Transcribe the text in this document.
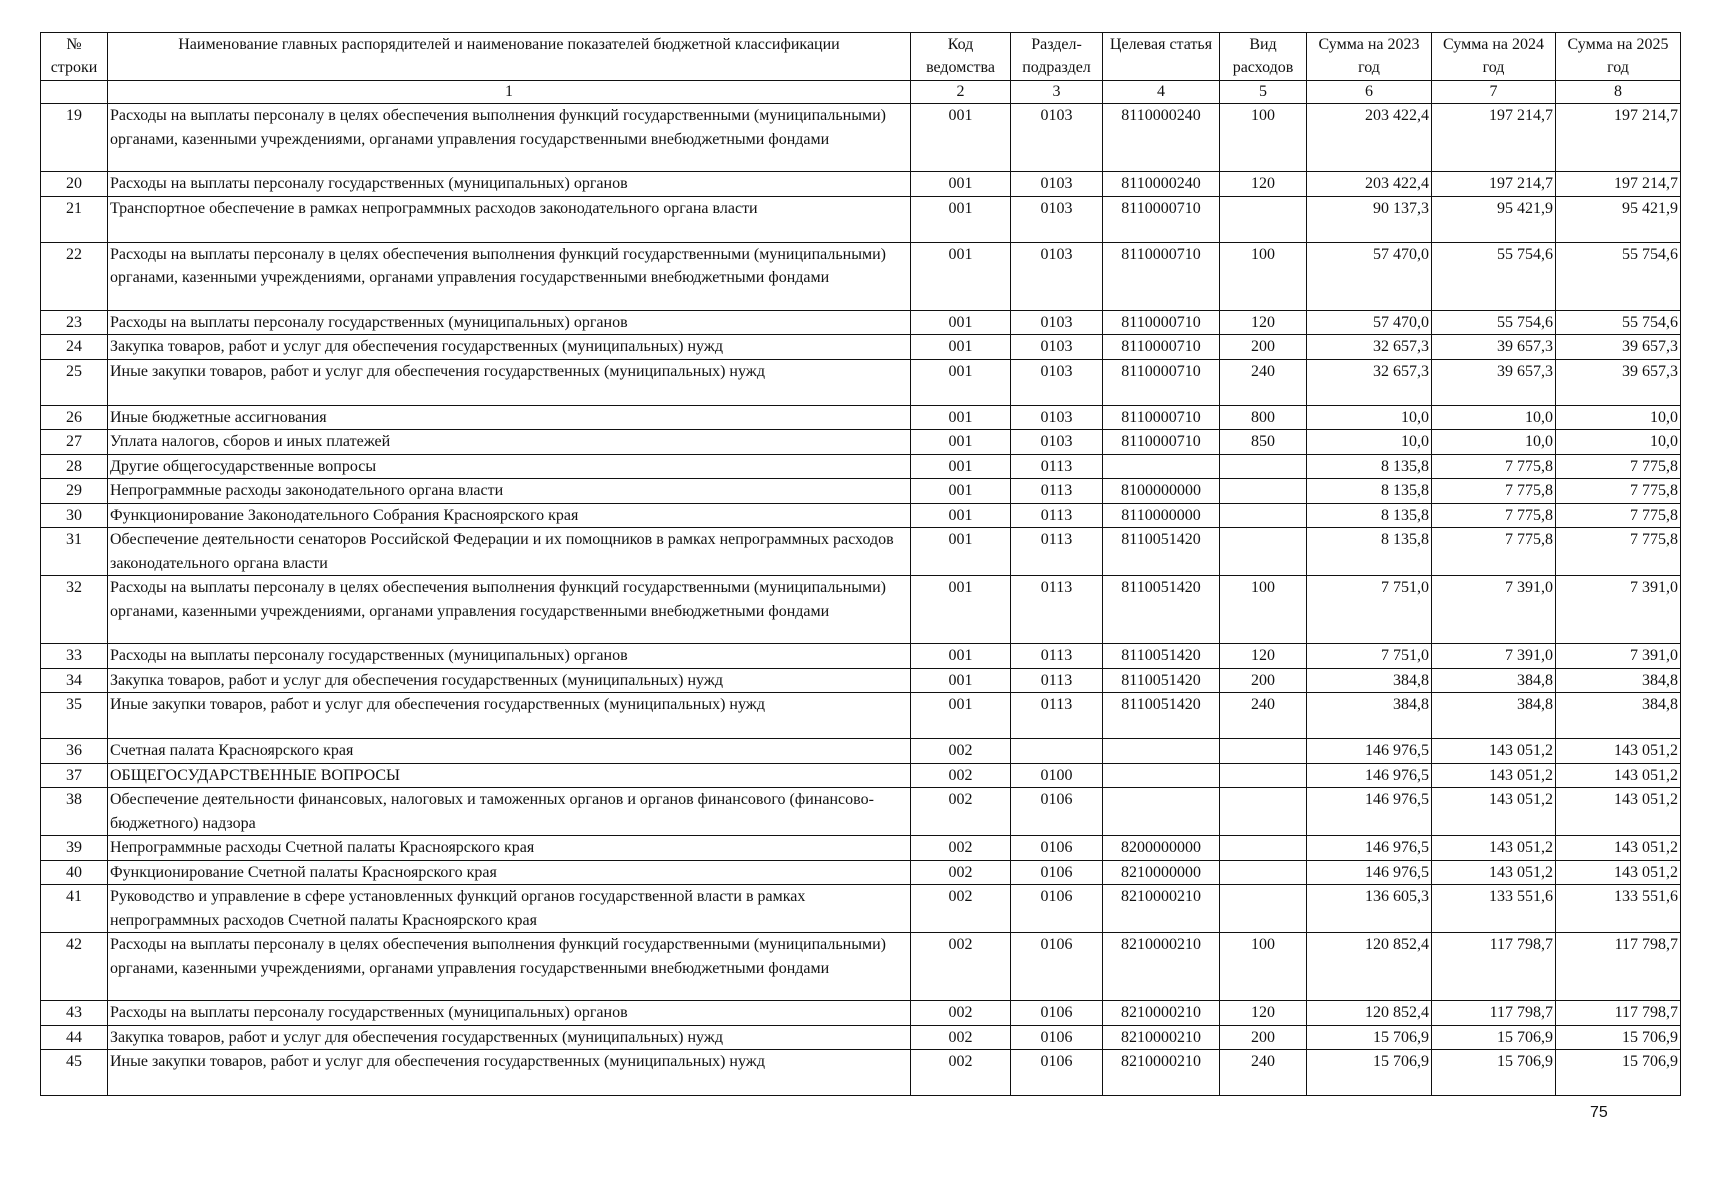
№ строки	Наименование главных распорядителей и наименование показателей бюджетной классификации	Код ведомства	Раздел-подраздел	Целевая статья	Вид расходов	Сумма на 2023 год	Сумма на 2024 год	Сумма на 2025 год
	1	2	3	4	5	6	7	8
19	Расходы на выплаты персоналу в целях обеспечения выполнения функций государственными (муниципальными) органами, казенными учреждениями, органами управления государственными внебюджетными фондами	001	0103	8110000240	100	203 422,4	197 214,7	197 214,7
20	Расходы на выплаты персоналу государственных (муниципальных) органов	001	0103	8110000240	120	203 422,4	197 214,7	197 214,7
21	Транспортное обеспечение в рамках непрограммных расходов законодательного органа власти	001	0103	8110000710		90 137,3	95 421,9	95 421,9
22	Расходы на выплаты персоналу в целях обеспечения выполнения функций государственными (муниципальными) органами, казенными учреждениями, органами управления государственными внебюджетными фондами	001	0103	8110000710	100	57 470,0	55 754,6	55 754,6
23	Расходы на выплаты персоналу государственных (муниципальных) органов	001	0103	8110000710	120	57 470,0	55 754,6	55 754,6
24	Закупка товаров, работ и услуг для обеспечения государственных (муниципальных) нужд	001	0103	8110000710	200	32 657,3	39 657,3	39 657,3
25	Иные закупки товаров, работ и услуг для обеспечения государственных (муниципальных) нужд	001	0103	8110000710	240	32 657,3	39 657,3	39 657,3
26	Иные бюджетные ассигнования	001	0103	8110000710	800	10,0	10,0	10,0
27	Уплата налогов, сборов и иных платежей	001	0103	8110000710	850	10,0	10,0	10,0
28	Другие общегосударственные вопросы	001	0113			8 135,8	7 775,8	7 775,8
29	Непрограммные расходы законодательного органа власти	001	0113	8100000000		8 135,8	7 775,8	7 775,8
30	Функционирование Законодательного Собрания Красноярского края	001	0113	8110000000		8 135,8	7 775,8	7 775,8
31	Обеспечение деятельности сенаторов Российской Федерации и их помощников в рамках непрограммных расходов законодательного органа власти	001	0113	8110051420		8 135,8	7 775,8	7 775,8
32	Расходы на выплаты персоналу в целях обеспечения выполнения функций государственными (муниципальными) органами, казенными учреждениями, органами управления государственными внебюджетными фондами	001	0113	8110051420	100	7 751,0	7 391,0	7 391,0
33	Расходы на выплаты персоналу государственных (муниципальных) органов	001	0113	8110051420	120	7 751,0	7 391,0	7 391,0
34	Закупка товаров, работ и услуг для обеспечения государственных (муниципальных) нужд	001	0113	8110051420	200	384,8	384,8	384,8
35	Иные закупки товаров, работ и услуг для обеспечения государственных (муниципальных) нужд	001	0113	8110051420	240	384,8	384,8	384,8
36	Счетная палата Красноярского края	002				146 976,5	143 051,2	143 051,2
37	ОБЩЕГОСУДАРСТВЕННЫЕ ВОПРОСЫ	002	0100			146 976,5	143 051,2	143 051,2
38	Обеспечение деятельности финансовых, налоговых и таможенных органов и органов финансового (финансово-бюджетного) надзора	002	0106			146 976,5	143 051,2	143 051,2
39	Непрограммные расходы Счетной палаты Красноярского края	002	0106	8200000000		146 976,5	143 051,2	143 051,2
40	Функционирование Счетной палаты Красноярского края	002	0106	8210000000		146 976,5	143 051,2	143 051,2
41	Руководство и управление в сфере установленных функций органов государственной власти в рамках непрограммных расходов Счетной палаты Красноярского края	002	0106	8210000210		136 605,3	133 551,6	133 551,6
42	Расходы на выплаты персоналу в целях обеспечения выполнения функций государственными (муниципальными) органами, казенными учреждениями, органами управления государственными внебюджетными фондами	002	0106	8210000210	100	120 852,4	117 798,7	117 798,7
43	Расходы на выплаты персоналу государственных (муниципальных) органов	002	0106	8210000210	120	120 852,4	117 798,7	117 798,7
44	Закупка товаров, работ и услуг для обеспечения государственных (муниципальных) нужд	002	0106	8210000210	200	15 706,9	15 706,9	15 706,9
45	Иные закупки товаров, работ и услуг для обеспечения государственных (муниципальных) нужд	002	0106	8210000210	240	15 706,9	15 706,9	15 706,9
75
